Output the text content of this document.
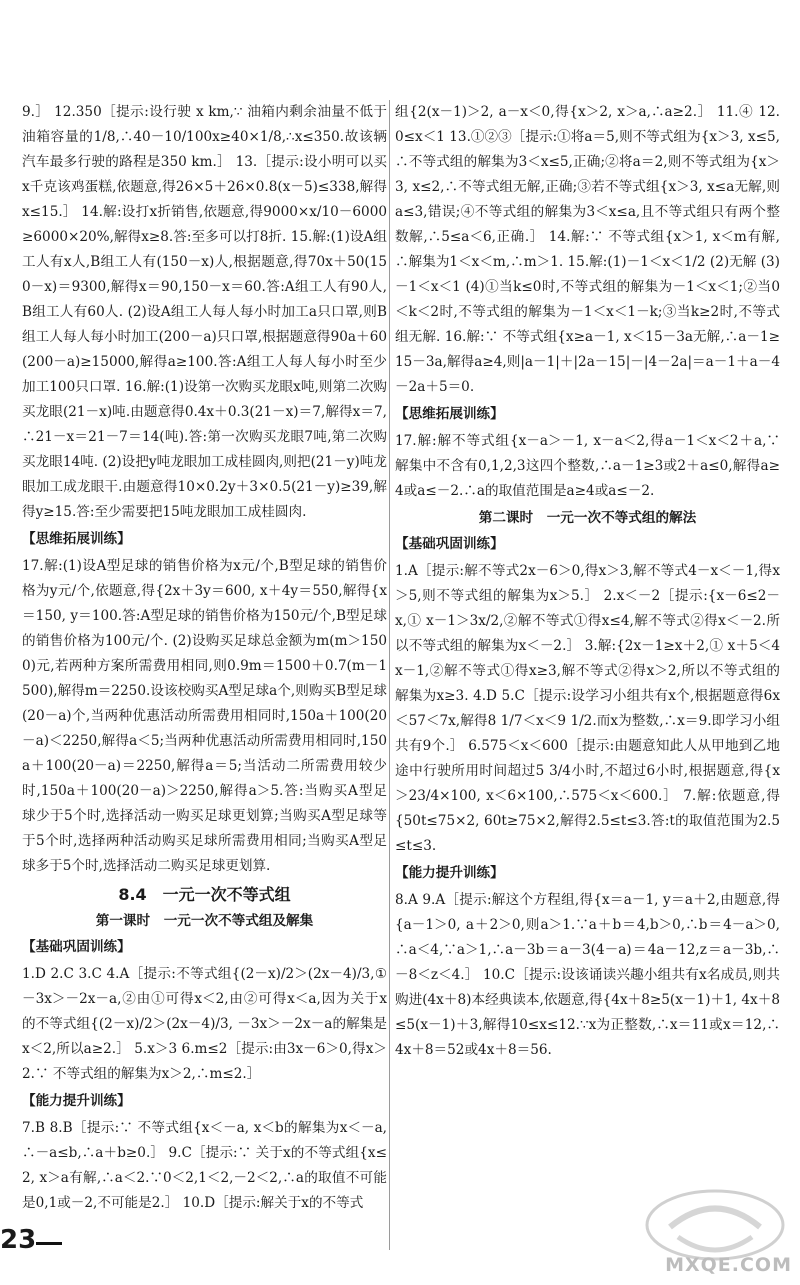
9.］ 12.350［提示:设行驶 x km,∵ 油箱内剩余油量不低于油箱容量的1/8,∴40－10/100x≥40×1/8,∴x≤350.故该辆汽车最多行驶的路程是350 km.］ 13.［提示:设小明可以买x千克该鸡蛋糕,依题意,得26×5＋26×0.8(x－5)≤338,解得x≤15.］ 14.解:设打x折销售,依题意,得9000×x/10－6000≥6000×20%,解得x≥8.答:至多可以打8折. 15.解:(1)设A组工人有x人,B组工人有(150－x)人,根据题意,得70x＋50(150－x)＝9300,解得x＝90,150－x＝60.答:A组工人有90人,B组工人有60人. (2)设A组工人每人每小时加工a只口罩,则B组工人每人每小时加工(200－a)只口罩,根据题意得90a＋60(200－a)≥15000,解得a≥100.答:A组工人每人每小时至少加工100只口罩. 16.解:(1)设第一次购买龙眼x吨,则第二次购买龙眼(21－x)吨.由题意得0.4x＋0.3(21－x)＝7,解得x＝7,∴21－x＝21－7＝14(吨).答:第一次购买龙眼7吨,第二次购买龙眼14吨. (2)设把y吨龙眼加工成桂圆肉,则把(21－y)吨龙眼加工成龙眼干.由题意得10×0.2y＋3×0.5(21－y)≥39,解得y≥15.答:至少需要把15吨龙眼加工成桂圆肉.

【思维拓展训练】

17.解:(1)设A型足球的销售价格为x元/个,B型足球的销售价格为y元/个,依题意,得{2x＋3y＝600, x＋4y＝550,解得{x＝150, y＝100.答:A型足球的销售价格为150元/个,B型足球的销售价格为100元/个. (2)设购买足球总金额为m(m＞1500)元,若两种方案所需费用相同,则0.9m＝1500＋0.7(m－1500),解得m＝2250.设该校购买A型足球a个,则购买B型足球(20－a)个,当两种优惠活动所需费用相同时,150a＋100(20－a)＜2250,解得a＜5;当两种优惠活动所需费用相同时,150a＋100(20－a)＝2250,解得a＝5;当活动二所需费用较少时,150a＋100(20－a)＞2250,解得a＞5.答:当购买A型足球少于5个时,选择活动一购买足球更划算;当购买A型足球等于5个时,选择两种活动购买足球所需费用相同;当购买A型足球多于5个时,选择活动二购买足球更划算.

8.4　一元一次不等式组
第一课时　一元一次不等式组及解集
【基础巩固训练】

1.D 2.C 3.C 4.A［提示:不等式组{(2－x)/2＞(2x－4)/3,① －3x＞－2x－a,②由①可得x＜2,由②可得x＜a,因为关于x的不等式组{(2－x)/2＞(2x－4)/3, －3x＞－2x－a的解集是x＜2,所以a≥2.］ 5.x＞3 6.m≤2［提示:由3x－6＞0,得x＞2.∵ 不等式组的解集为x＞2,∴m≤2.］

【能力提升训练】

7.B 8.B［提示:∵ 不等式组{x＜－a, x＜b的解集为x＜－a,∴－a≤b,∴a＋b≥0.］ 9.C［提示:∵ 关于x的不等式组{x≤2, x＞a有解,∴a＜2.∵0＜2,1＜2,－2＜2,∴a的取值不可能是0,1或－2,不可能是2.］ 10.D［提示:解关于x的不等式

组{2(x－1)＞2, a－x＜0,得{x＞2, x＞a,∴a≥2.］ 11.④ 12.0≤x＜1 13.①②③［提示:①将a＝5,则不等式组为{x＞3, x≤5,∴不等式组的解集为3＜x≤5,正确;②将a＝2,则不等式组为{x＞3, x≤2,∴不等式组无解,正确;③若不等式组{x＞3, x≤a无解,则a≤3,错误;④不等式组的解集为3＜x≤a,且不等式组只有两个整数解,∴5≤a＜6,正确.］ 14.解:∵ 不等式组{x＞1, x＜m有解,∴解集为1＜x＜m,∴m＞1. 15.解:(1)－1＜x＜1/2 (2)无解 (3)－1＜x＜1 (4)①当k≤0时,不等式组的解集为－1＜x＜1;②当0＜k＜2时,不等式组的解集为－1＜x＜1－k;③当k≥2时,不等式组无解. 16.解:∵ 不等式组{x≥a－1, x＜15－3a无解,∴a－1≥15－3a,解得a≥4,则|a－1|＋|2a－15|－|4－2a|＝a－1＋a－4－2a＋5＝0.

【思维拓展训练】

17.解:解不等式组{x－a＞－1, x－a＜2,得a－1＜x＜2＋a,∵ 解集中不含有0,1,2,3这四个整数,∴a－1≥3或2＋a≤0,解得a≥4或a≤－2.∴a的取值范围是a≥4或a≤－2.

第二课时　一元一次不等式组的解法
【基础巩固训练】

1.A［提示:解不等式2x－6＞0,得x＞3,解不等式4－x＜－1,得x＞5,则不等式组的解集为x＞5.］ 2.x＜－2［提示:{x－6≤2－x,① x－1＞3x/2,②解不等式①得x≤4,解不等式②得x＜－2.所以不等式组的解集为x＜－2.］ 3.解:{2x－1≥x＋2,① x＋5＜4x－1,②解不等式①得x≥3,解不等式②得x＞2,所以不等式组的解集为x≥3. 4.D 5.C［提示:设学习小组共有x个,根据题意得6x＜57＜7x,解得8 1/7＜x＜9 1/2.而x为整数,∴x＝9.即学习小组共有9个.］ 6.575＜x＜600［提示:由题意知此人从甲地到乙地途中行驶所用时间超过5 3/4小时,不超过6小时,根据题意,得{x＞23/4×100, x＜6×100,∴575＜x＜600.］ 7.解:依题意,得{50t≤75×2, 60t≥75×2,解得2.5≤t≤3.答:t的取值范围为2.5≤t≤3.

【能力提升训练】

8.A 9.A［提示:解这个方程组,得{x＝a－1, y＝a＋2,由题意,得{a－1＞0, a＋2＞0,则a＞1.∵a＋b＝4,b＞0,∴b＝4－a＞0,∴a＜4,∵a＞1,∴a－3b＝a－3(4－a)＝4a－12,z＝a－3b,∴－8＜z＜4.］ 10.C［提示:设该诵读兴趣小组共有x名成员,则共购进(4x＋8)本经典读本,依题意,得{4x＋8≥5(x－1)＋1, 4x＋8≤5(x－1)＋3,解得10≤x≤12.∵x为正整数,∴x＝11或x＝12,∴4x＋8＝52或4x＋8＝56.

23
MXQE.COM
